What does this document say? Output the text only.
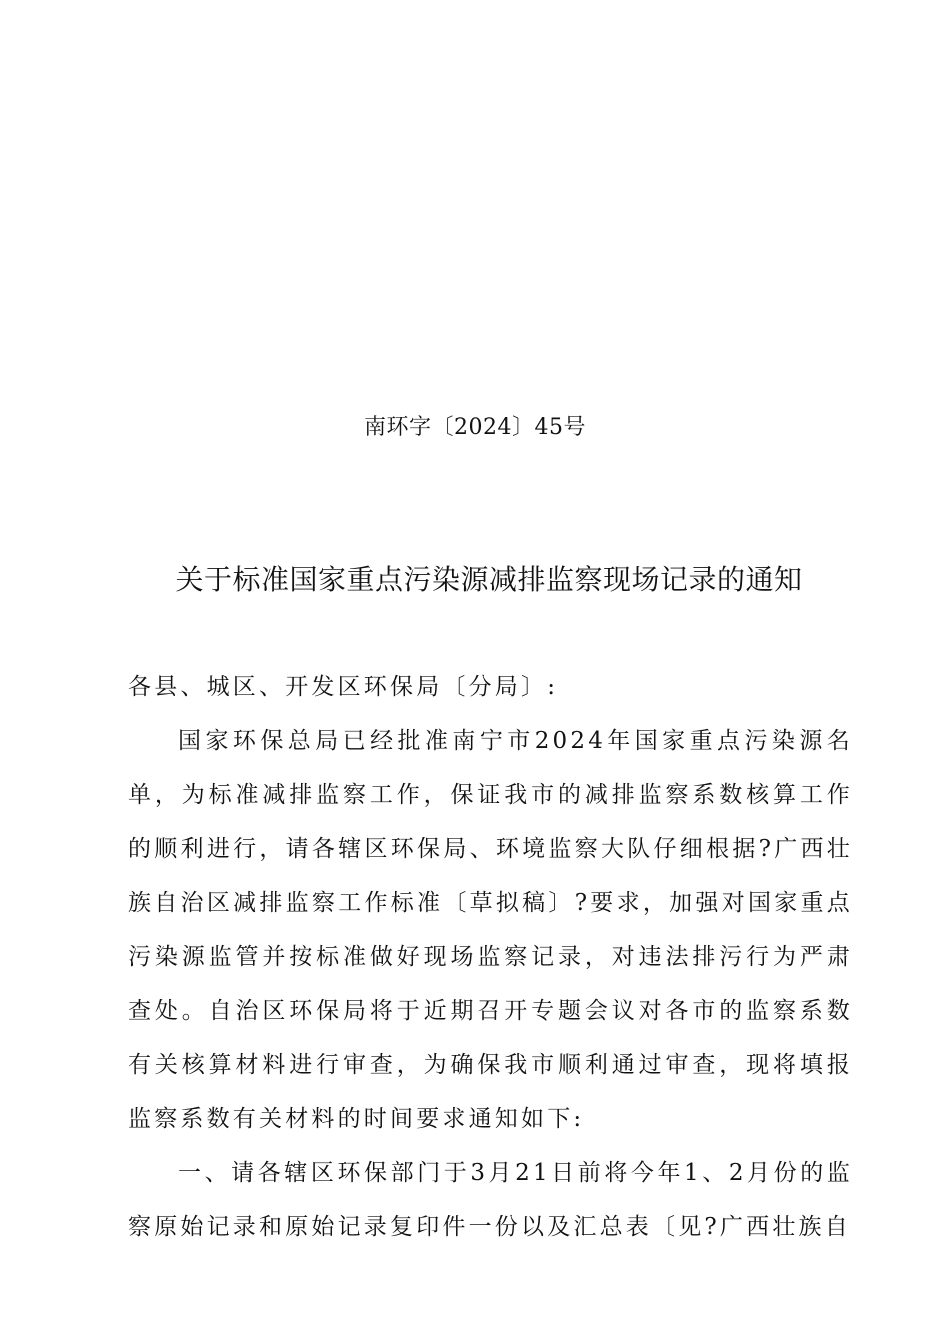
南环字〔2024〕45号
关于标准国家重点污染源减排监察现场记录的通知

各县、城区、开发区环保局〔分局〕:

国家环保总局已经批准南宁市2024年国家重点污染源名单，为标准减排监察工作，保证我市的减排监察系数核算工作的顺利进行，请各辖区环保局、环境监察大队仔细根据?广西壮族自治区减排监察工作标准〔草拟稿〕?要求，加强对国家重点污染源监管并按标准做好现场监察记录，对违法排污行为严肃查处。自治区环保局将于近期召开专题会议对各市的监察系数有关核算材料进行审查，为确保我市顺利通过审查，现将填报监察系数有关材料的时间要求通知如下:

一、请各辖区环保部门于3月21日前将今年1、2月份的监察原始记录和原始记录复印件一份以及汇总表〔见?广西壮族自
